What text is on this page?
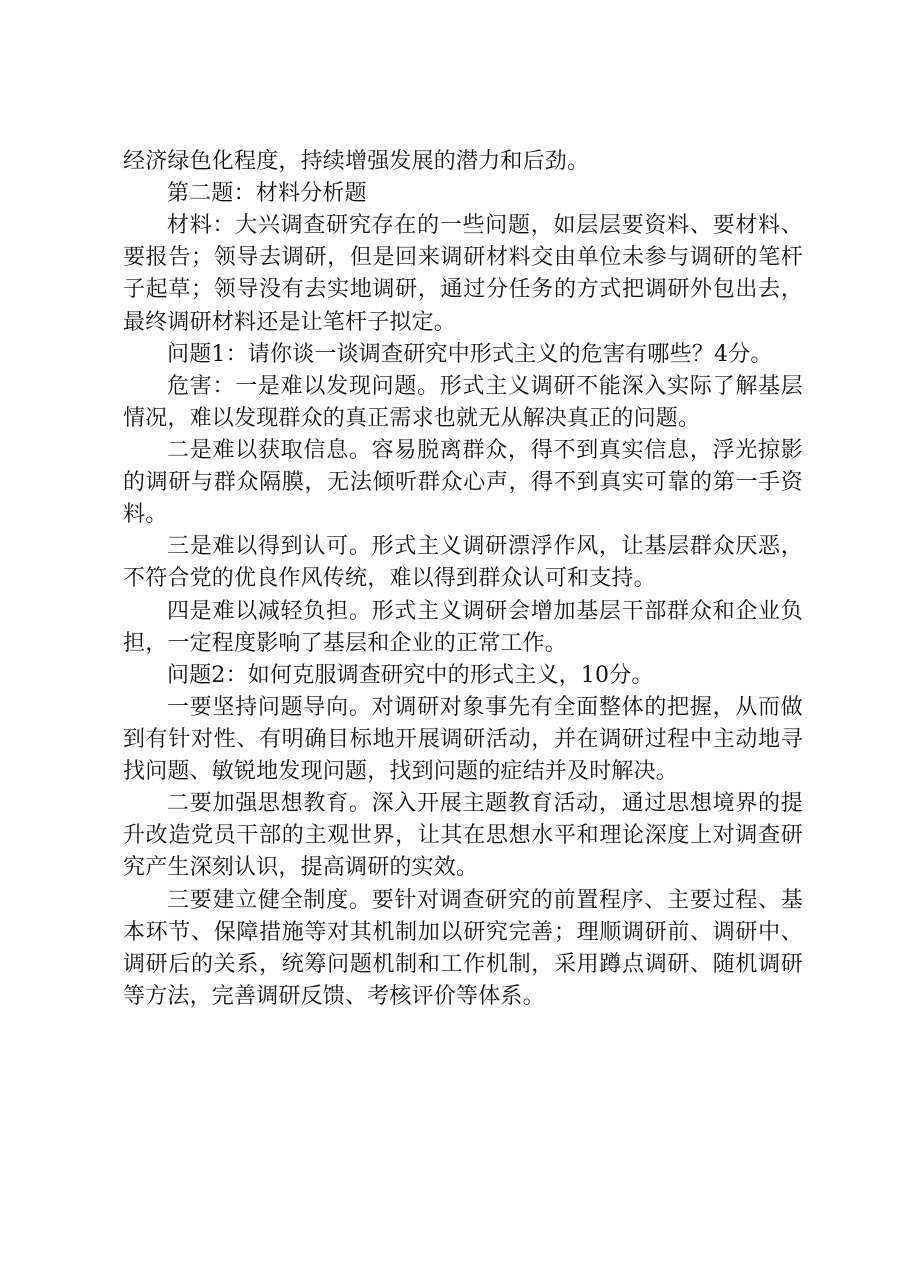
经济绿色化程度，持续增强发展的潜力和后劲。

第二题：材料分析题

材料：大兴调查研究存在的一些问题，如层层要资料、要材料、要报告；领导去调研，但是回来调研材料交由单位未参与调研的笔杆子起草；领导没有去实地调研，通过分任务的方式把调研外包出去，最终调研材料还是让笔杆子拟定。

问题1：请你谈一谈调查研究中形式主义的危害有哪些？4分。

危害：一是难以发现问题。形式主义调研不能深入实际了解基层情况，难以发现群众的真正需求也就无从解决真正的问题。

二是难以获取信息。容易脱离群众，得不到真实信息，浮光掠影的调研与群众隔膜，无法倾听群众心声，得不到真实可靠的第一手资料。

三是难以得到认可。形式主义调研漂浮作风，让基层群众厌恶，不符合党的优良作风传统，难以得到群众认可和支持。

四是难以减轻负担。形式主义调研会增加基层干部群众和企业负担，一定程度影响了基层和企业的正常工作。

问题2：如何克服调查研究中的形式主义，10分。

一要坚持问题导向。对调研对象事先有全面整体的把握，从而做到有针对性、有明确目标地开展调研活动，并在调研过程中主动地寻找问题、敏锐地发现问题，找到问题的症结并及时解决。

二要加强思想教育。深入开展主题教育活动，通过思想境界的提升改造党员干部的主观世界，让其在思想水平和理论深度上对调查研究产生深刻认识，提高调研的实效。

三要建立健全制度。要针对调查研究的前置程序、主要过程、基本环节、保障措施等对其机制加以研究完善；理顺调研前、调研中、调研后的关系，统筹问题机制和工作机制，采用蹲点调研、随机调研等方法，完善调研反馈、考核评价等体系。
